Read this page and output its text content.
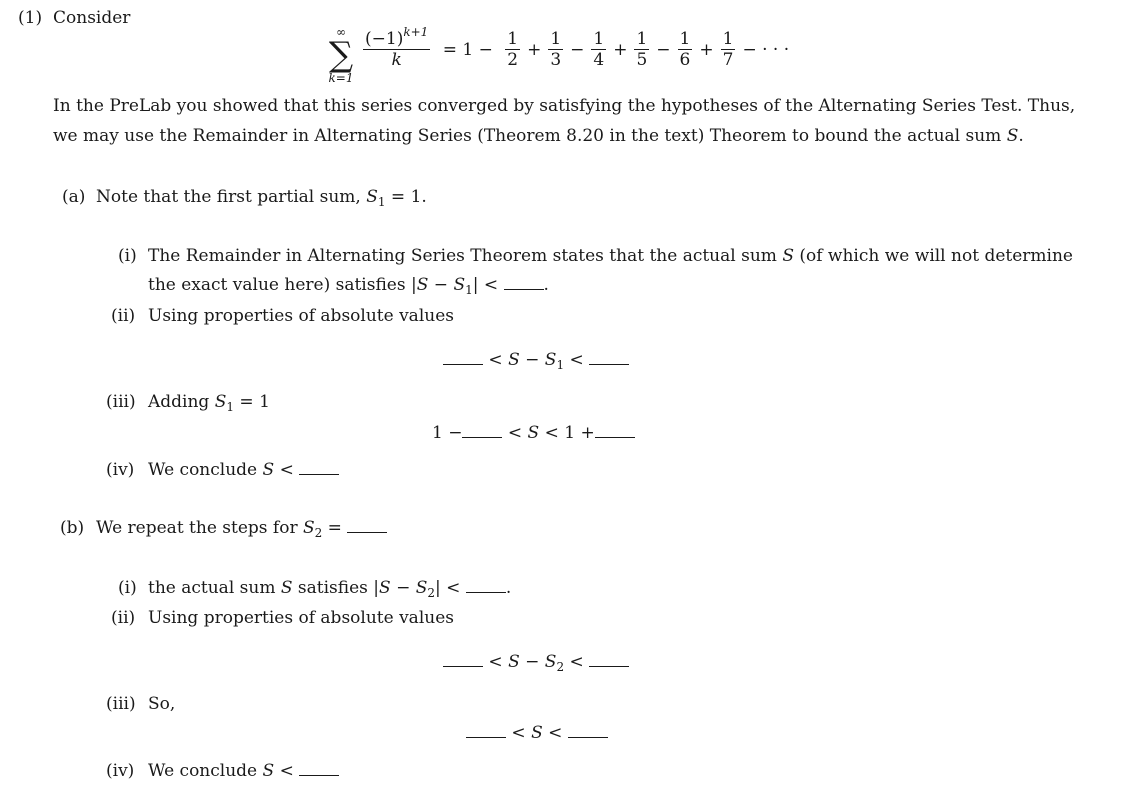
(1) Consider
∞
∑
k=1
$\frac{(-1)^{k+1}}{k} = 1 - \frac{1}{2} + \frac{1}{3} - \frac{1}{4} + \frac{1}{5} - \frac{1}{6} + \frac{1}{7}$ − · · ·
In the PreLab you showed that this series converged by satisfying the hypotheses of the Alternating Series Test. Thus,
we may use the Remainder in Alternating Series (Theorem 8.20 in the text) Theorem to bound the actual sum S.
(a) Note that the first partial sum, $S_1 = 1$.
(i) The Remainder in Alternating Series Theorem states that the actual sum S (of which we will not determine
the exact value here) satisfies $|S - S_1|$ <	.
(ii) Using properties of absolute values
< $S - S_1$ <
(iii) Adding $S_1 = 1$
1 − < S < 1 +
(iv) We conclude S <
(b) We repeat the steps for $S_2$ =
(i) the actual sum S satisfies $|S - S_2|$ <	.
(ii) Using properties of absolute values
< $S - S_2$ <
(iii) So,
< S <
(iv) We conclude S <
